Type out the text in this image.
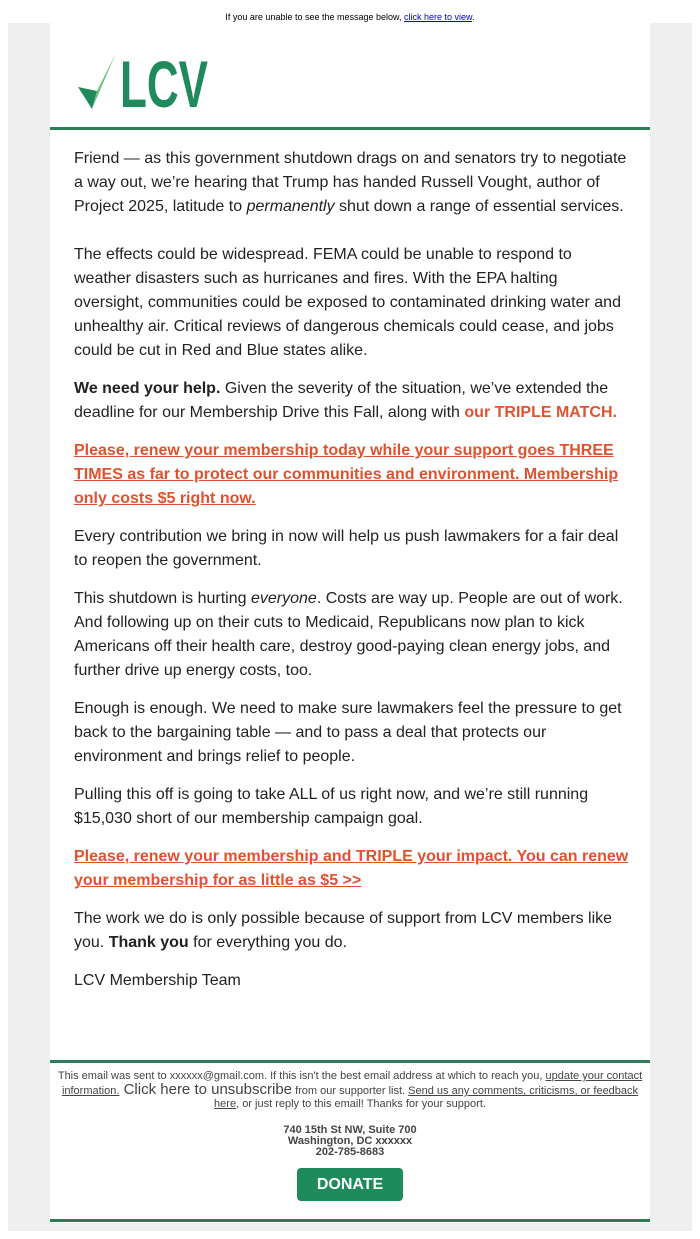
If you are unable to see the message below, click here to view.
LCV

Friend — as this government shutdown drags on and senators try to negotiate a way out, we’re hearing that Trump has handed Russell Vought, author of Project 2025, latitude to permanently shut down a range of essential services.

The effects could be widespread. FEMA could be unable to respond to weather disasters such as hurricanes and fires. With the EPA halting oversight, communities could be exposed to contaminated drinking water and unhealthy air. Critical reviews of dangerous chemicals could cease, and jobs could be cut in Red and Blue states alike.

We need your help. Given the severity of the situation, we’ve extended the deadline for our Membership Drive this Fall, along with our TRIPLE MATCH.

Please, renew your membership today while your support goes THREE TIMES as far to protect our communities and environment. Membership only costs $5 right now.

Every contribution we bring in now will help us push lawmakers for a fair deal to reopen the government.

This shutdown is hurting everyone. Costs are way up. People are out of work. And following up on their cuts to Medicaid, Republicans now plan to kick Americans off their health care, destroy good-paying clean energy jobs, and further drive up energy costs, too.

Enough is enough. We need to make sure lawmakers feel the pressure to get back to the bargaining table — and to pass a deal that protects our environment and brings relief to people.

Pulling this off is going to take ALL of us right now, and we’re still running $15,030 short of our membership campaign goal.

Please, renew your membership and TRIPLE your impact. You can renew your membership for as little as $5 >>

The work we do is only possible because of support from LCV members like you. Thank you for everything you do.

LCV Membership Team

This email was sent to xxxxxx@gmail.com. If this isn't the best email address at which to reach you, update your contact information. Click here to unsubscribe from our supporter list. Send us any comments, criticisms, or feedback here, or just reply to this email! Thanks for your support.
740 15th St NW, Suite 700
Washington, DC xxxxxx
202-785-8683
DONATE
